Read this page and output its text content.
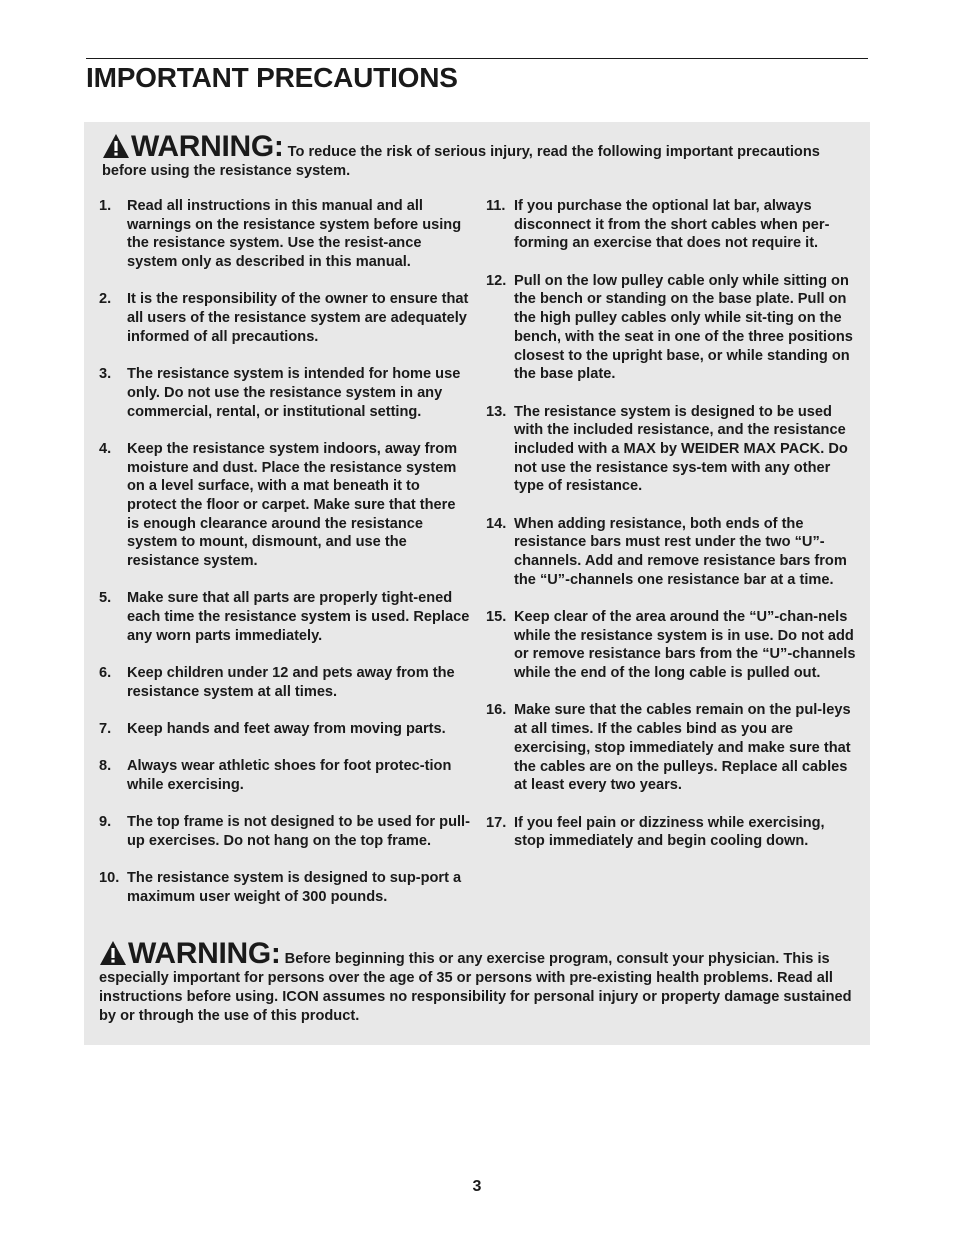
IMPORTANT PRECAUTIONS
WARNING: To reduce the risk of serious injury, read the following important precautions before using the resistance system.
1. Read all instructions in this manual and all warnings on the resistance system before using the resistance system. Use the resist-ance system only as described in this manual.
2. It is the responsibility of the owner to ensure that all users of the resistance system are adequately informed of all precautions.
3. The resistance system is intended for home use only. Do not use the resistance system in any commercial, rental, or institutional setting.
4. Keep the resistance system indoors, away from moisture and dust. Place the resistance system on a level surface, with a mat beneath it to protect the floor or carpet. Make sure that there is enough clearance around the resistance system to mount, dismount, and use the resistance system.
5. Make sure that all parts are properly tight-ened each time the resistance system is used. Replace any worn parts immediately.
6. Keep children under 12 and pets away from the resistance system at all times.
7. Keep hands and feet away from moving parts.
8. Always wear athletic shoes for foot protec-tion while exercising.
9. The top frame is not designed to be used for pull-up exercises. Do not hang on the top frame.
10. The resistance system is designed to sup-port a maximum user weight of 300 pounds.
11. If you purchase the optional lat bar, always disconnect it from the short cables when per-forming an exercise that does not require it.
12. Pull on the low pulley cable only while sitting on the bench or standing on the base plate. Pull on the high pulley cables only while sit-ting on the bench, with the seat in one of the three positions closest to the upright base, or while standing on the base plate.
13. The resistance system is designed to be used with the included resistance, and the resistance included with a MAX by WEIDER MAX PACK. Do not use the resistance sys-tem with any other type of resistance.
14. When adding resistance, both ends of the resistance bars must rest under the two “U”-channels. Add and remove resistance bars from the “U”-channels one resistance bar at a time.
15. Keep clear of the area around the “U”-chan-nels while the resistance system is in use. Do not add or remove resistance bars from the “U”-channels while the end of the long cable is pulled out.
16. Make sure that the cables remain on the pul-leys at all times. If the cables bind as you are exercising, stop immediately and make sure that the cables are on the pulleys. Replace all cables at least every two years.
17. If you feel pain or dizziness while exercising, stop immediately and begin cooling down.
WARNING: Before beginning this or any exercise program, consult your physician. This is especially important for persons over the age of 35 or persons with pre-existing health problems. Read all instructions before using. ICON assumes no responsibility for personal injury or property damage sustained by or through the use of this product.
3
